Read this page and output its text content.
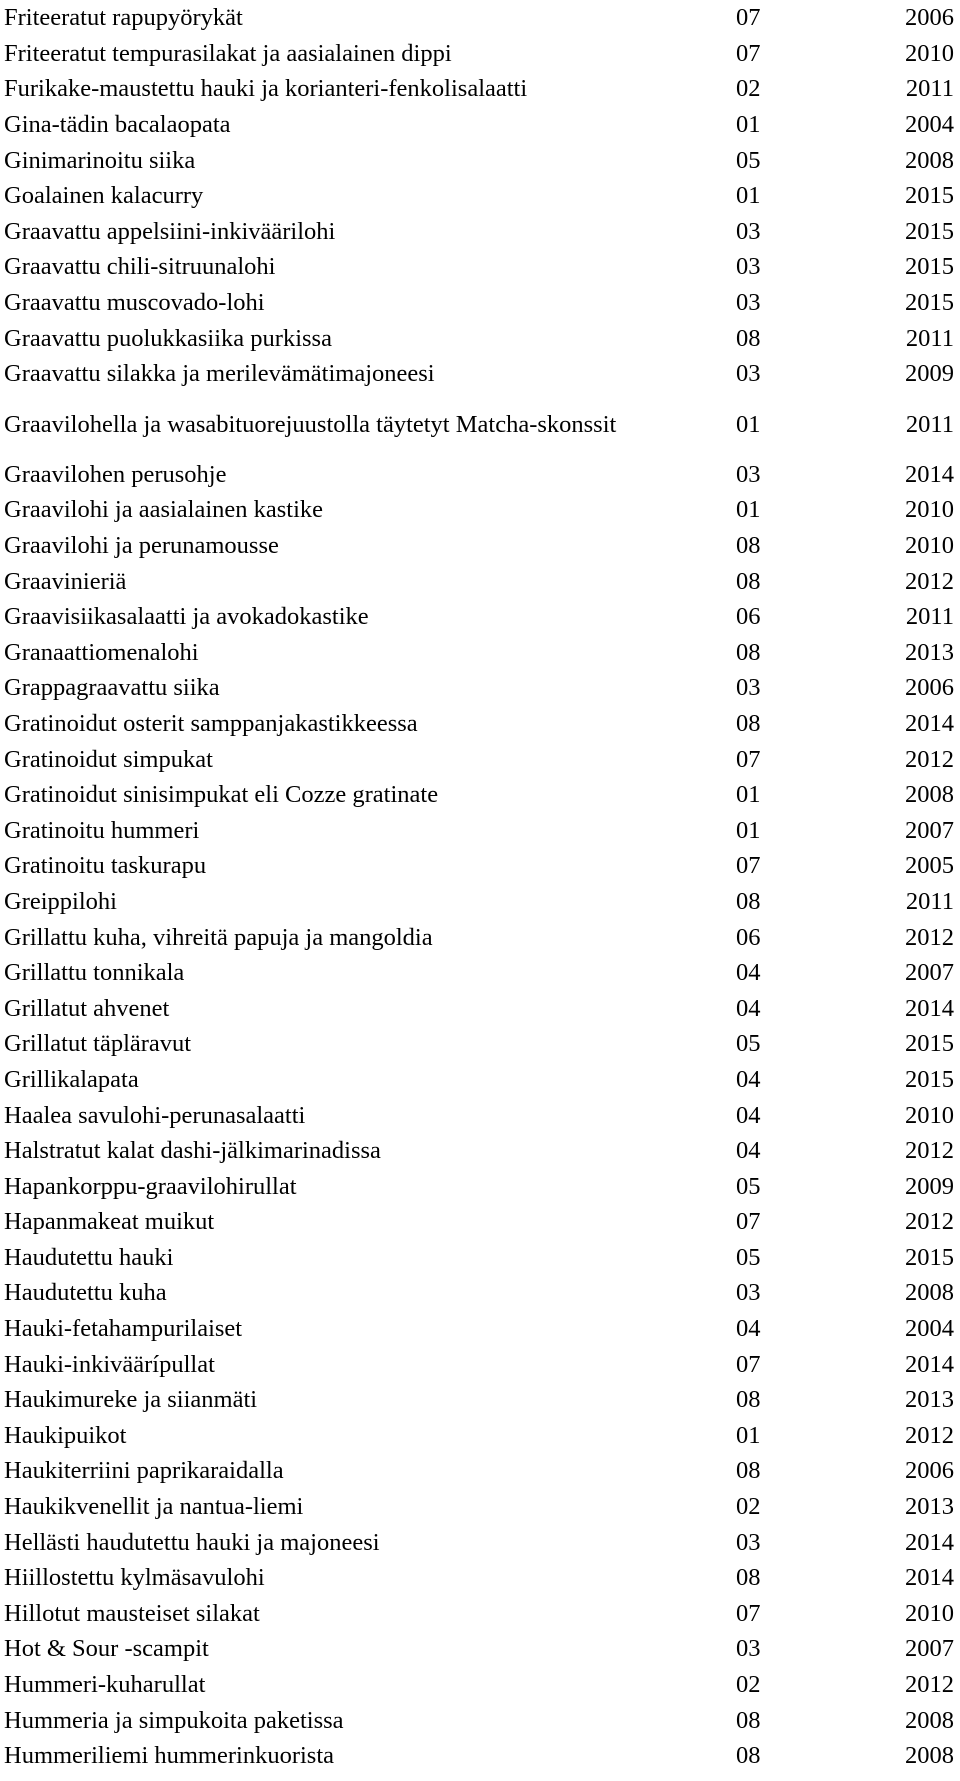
Friteeratut rapupyörykät	07	2006
Friteeratut tempurasilakat ja aasialainen dippi	07	2010
Furikake-maustettu hauki ja korianteri-fenkolisalaatti	02	2011
Gina-tädin bacalaopata	01	2004
Ginimarinoitu siika	05	2008
Goalainen kalacurry	01	2015
Graavattu appelsiini-inkiväärilohi	03	2015
Graavattu chili-sitruunalohi	03	2015
Graavattu muscovado-lohi	03	2015
Graavattu puolukkasiika purkissa	08	2011
Graavattu silakka ja merilevämätimajoneesi	03	2009
Graavilohella ja wasabituorejuustolla täytetyt Matcha-skonssit	01	2011
Graavilohen perusohje	03	2014
Graavilohi ja aasialainen kastike	01	2010
Graavilohi ja perunamousse	08	2010
Graavinieriä	08	2012
Graavisiikasalaatti ja avokadokastike	06	2011
Granaattiomenalohi	08	2013
Grappagraavattu siika	03	2006
Gratinoidut osterit samppanjakastikkeessa	08	2014
Gratinoidut simpukat	07	2012
Gratinoidut sinisimpukat eli Cozze gratinate	01	2008
Gratinoitu hummeri	01	2007
Gratinoitu taskurapu	07	2005
Greippilohi	08	2011
Grillattu kuha, vihreitä papuja ja mangoldia	06	2012
Grillattu tonnikala	04	2007
Grillatut ahvenet	04	2014
Grillatut täpläravut	05	2015
Grillikalapata	04	2015
Haalea savulohi-perunasalaatti	04	2010
Halstratut kalat dashi-jälkimarinadissa	04	2012
Hapankorppu-graavilohirullat	05	2009
Hapanmakeat muikut	07	2012
Haudutettu hauki	05	2015
Haudutettu kuha	03	2008
Hauki-fetahampurilaiset	04	2004
Hauki-inkiväärípullat	07	2014
Haukimureke ja siianmäti	08	2013
Haukipuikot	01	2012
Haukiterriini paprikaraidalla	08	2006
Haukikvenellit ja nantua-liemi	02	2013
Hellästi haudutettu hauki ja majoneesi	03	2014
Hiillostettu kylmäsavulohi	08	2014
Hillotut mausteiset silakat	07	2010
Hot & Sour -scampit	03	2007
Hummeri-kuharullat	02	2012
Hummeria ja simpukoita paketissa	08	2008
Hummeriliemi hummerinkuorista	08	2008
